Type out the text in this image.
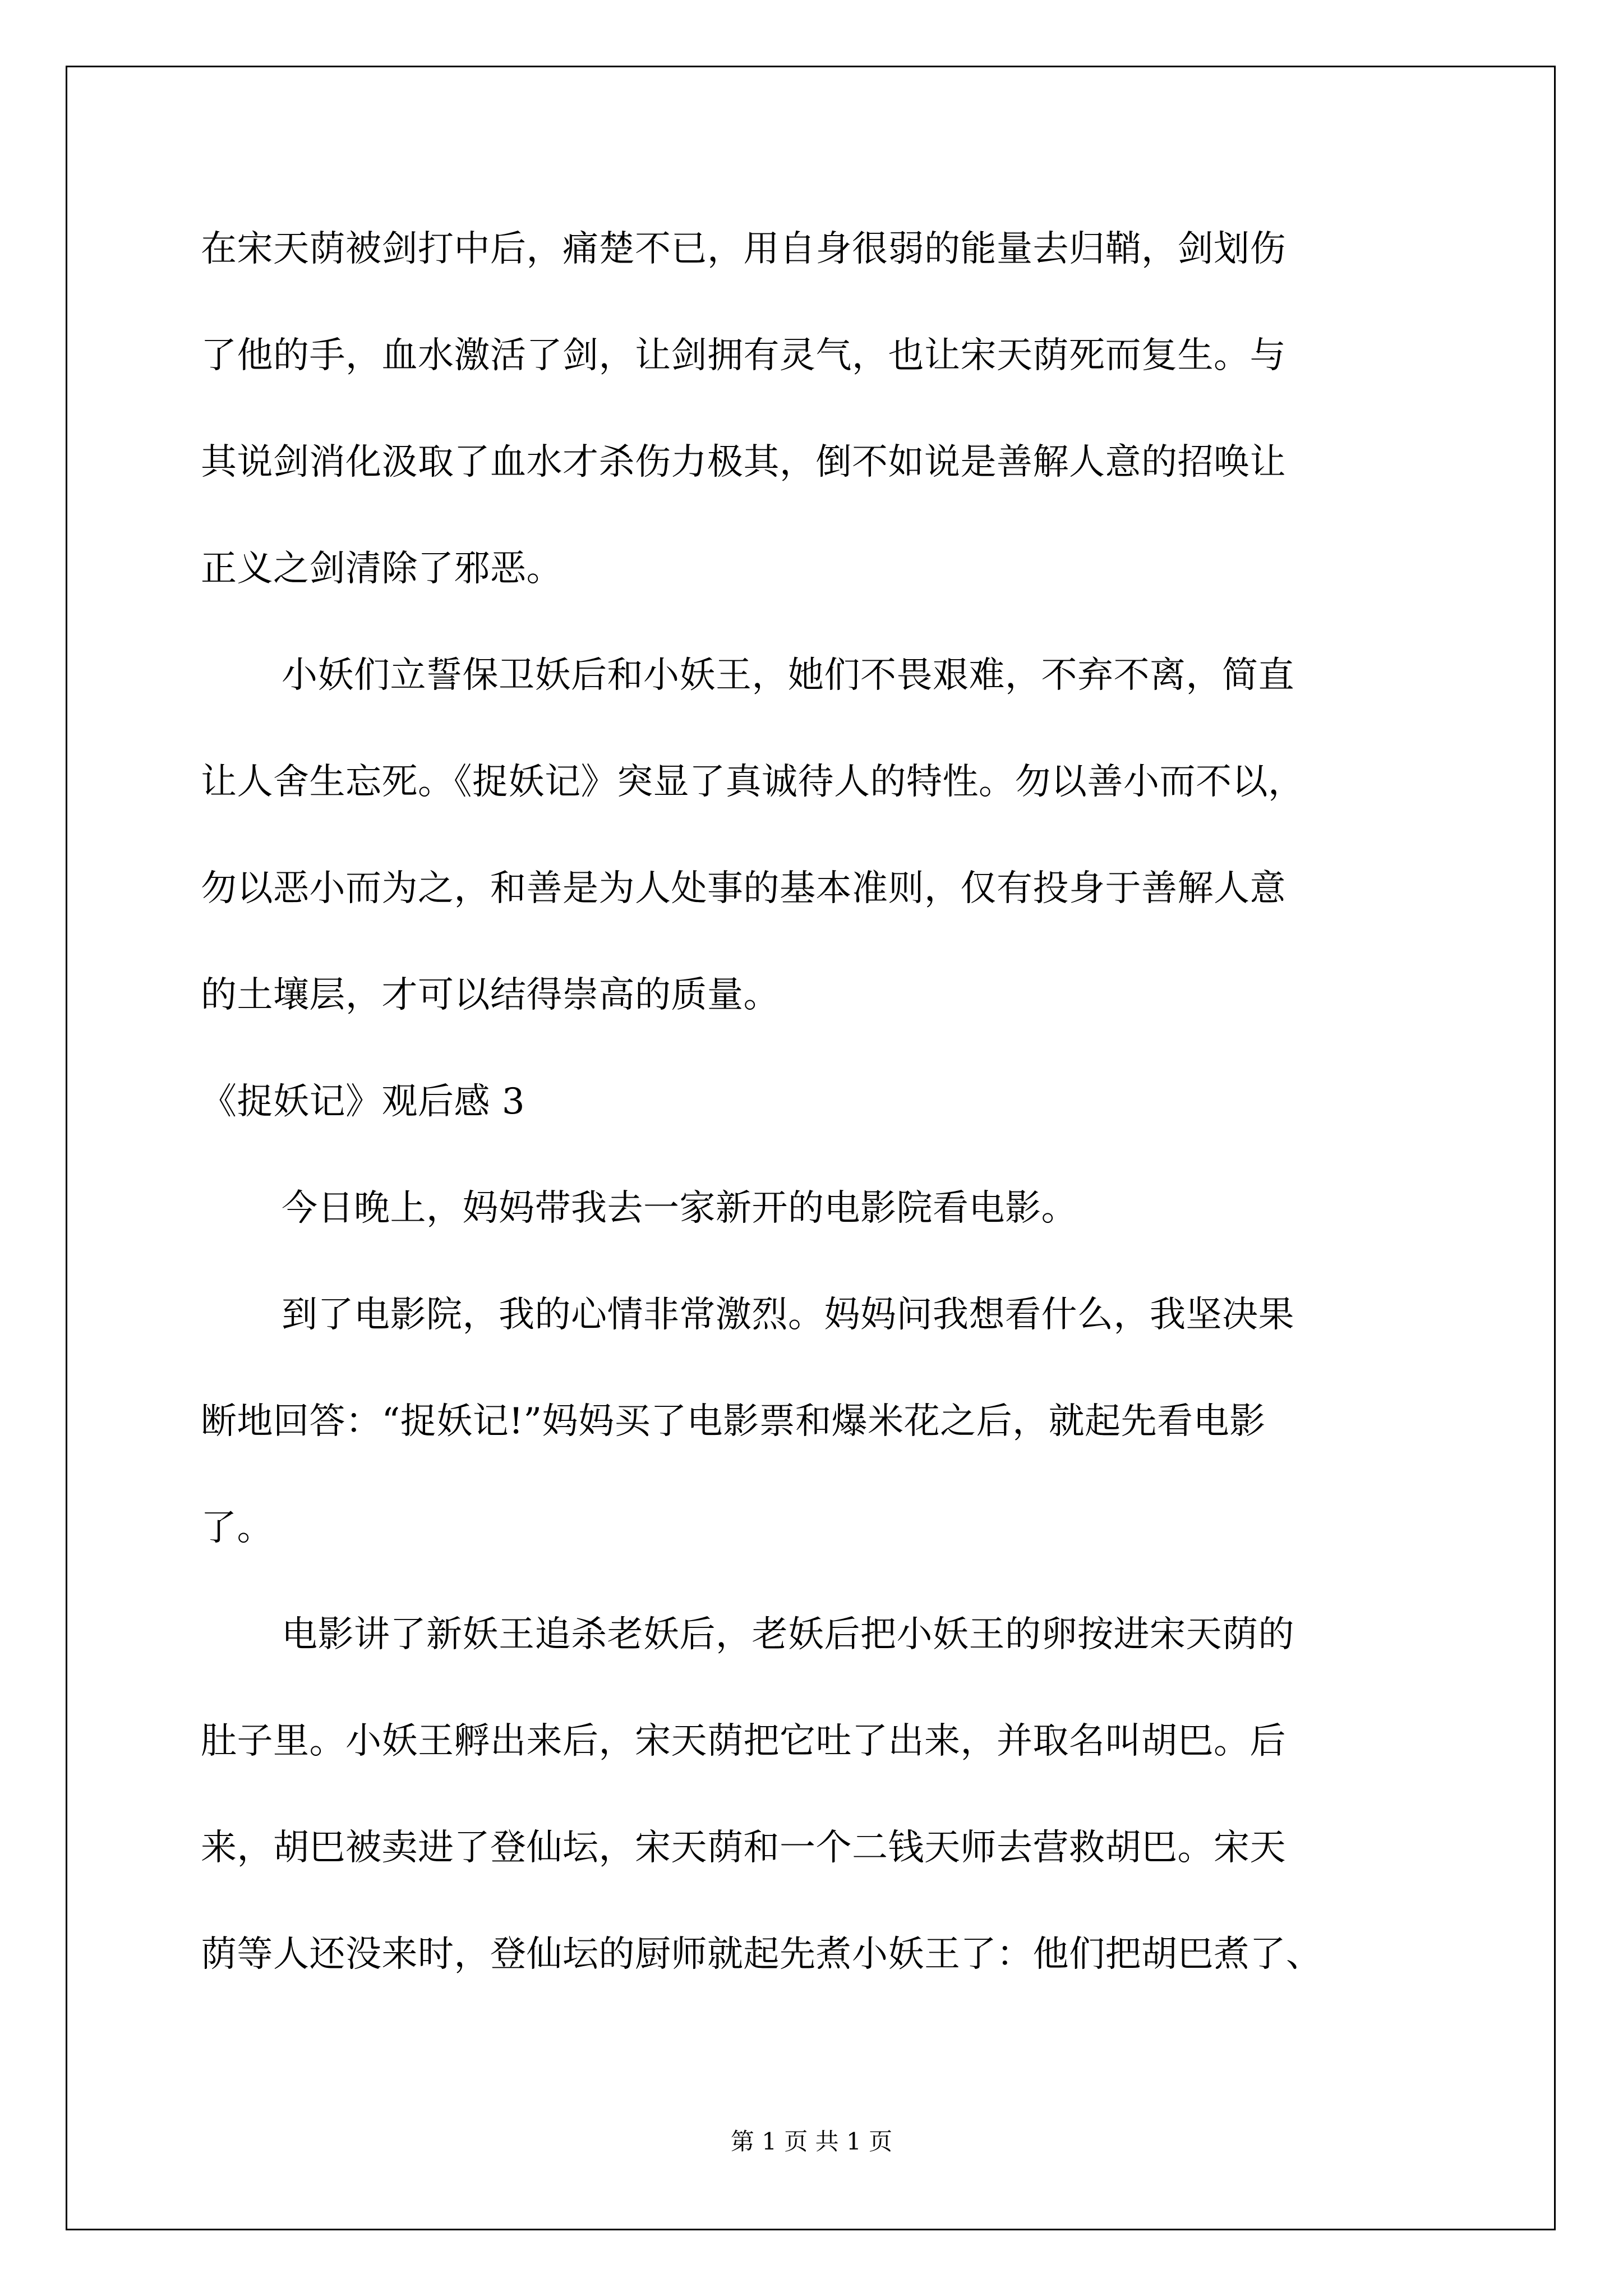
在宋天荫被剑打中后，痛楚不已，用自身很弱的能量去归鞘，剑划伤
了他的手，血水激活了剑，让剑拥有灵气，也让宋天荫死而复生。与
其说剑消化汲取了血水才杀伤力极其，倒不如说是善解人意的招唤让
正义之剑清除了邪恶。
小妖们立誓保卫妖后和小妖王，她们不畏艰难，不弃不离，简直
让人舍生忘死。《捉妖记》突显了真诚待人的特性。勿以善小而不以，
勿以恶小而为之，和善是为人处事的基本准则，仅有投身于善解人意
的土壤层，才可以结得崇高的质量。
《捉妖记》观后感 3
今日晚上，妈妈带我去一家新开的电影院看电影。
到了电影院，我的心情非常激烈。妈妈问我想看什么，我坚决果
断地回答：“捉妖记!”妈妈买了电影票和爆米花之后，就起先看电影
了。
电影讲了新妖王追杀老妖后，老妖后把小妖王的卵按进宋天荫的
肚子里。小妖王孵出来后，宋天荫把它吐了出来，并取名叫胡巴。后
来，胡巴被卖进了登仙坛，宋天荫和一个二钱天师去营救胡巴。宋天
荫等人还没来时，登仙坛的厨师就起先煮小妖王了：他们把胡巴煮了、
第 1 页 共 1 页
